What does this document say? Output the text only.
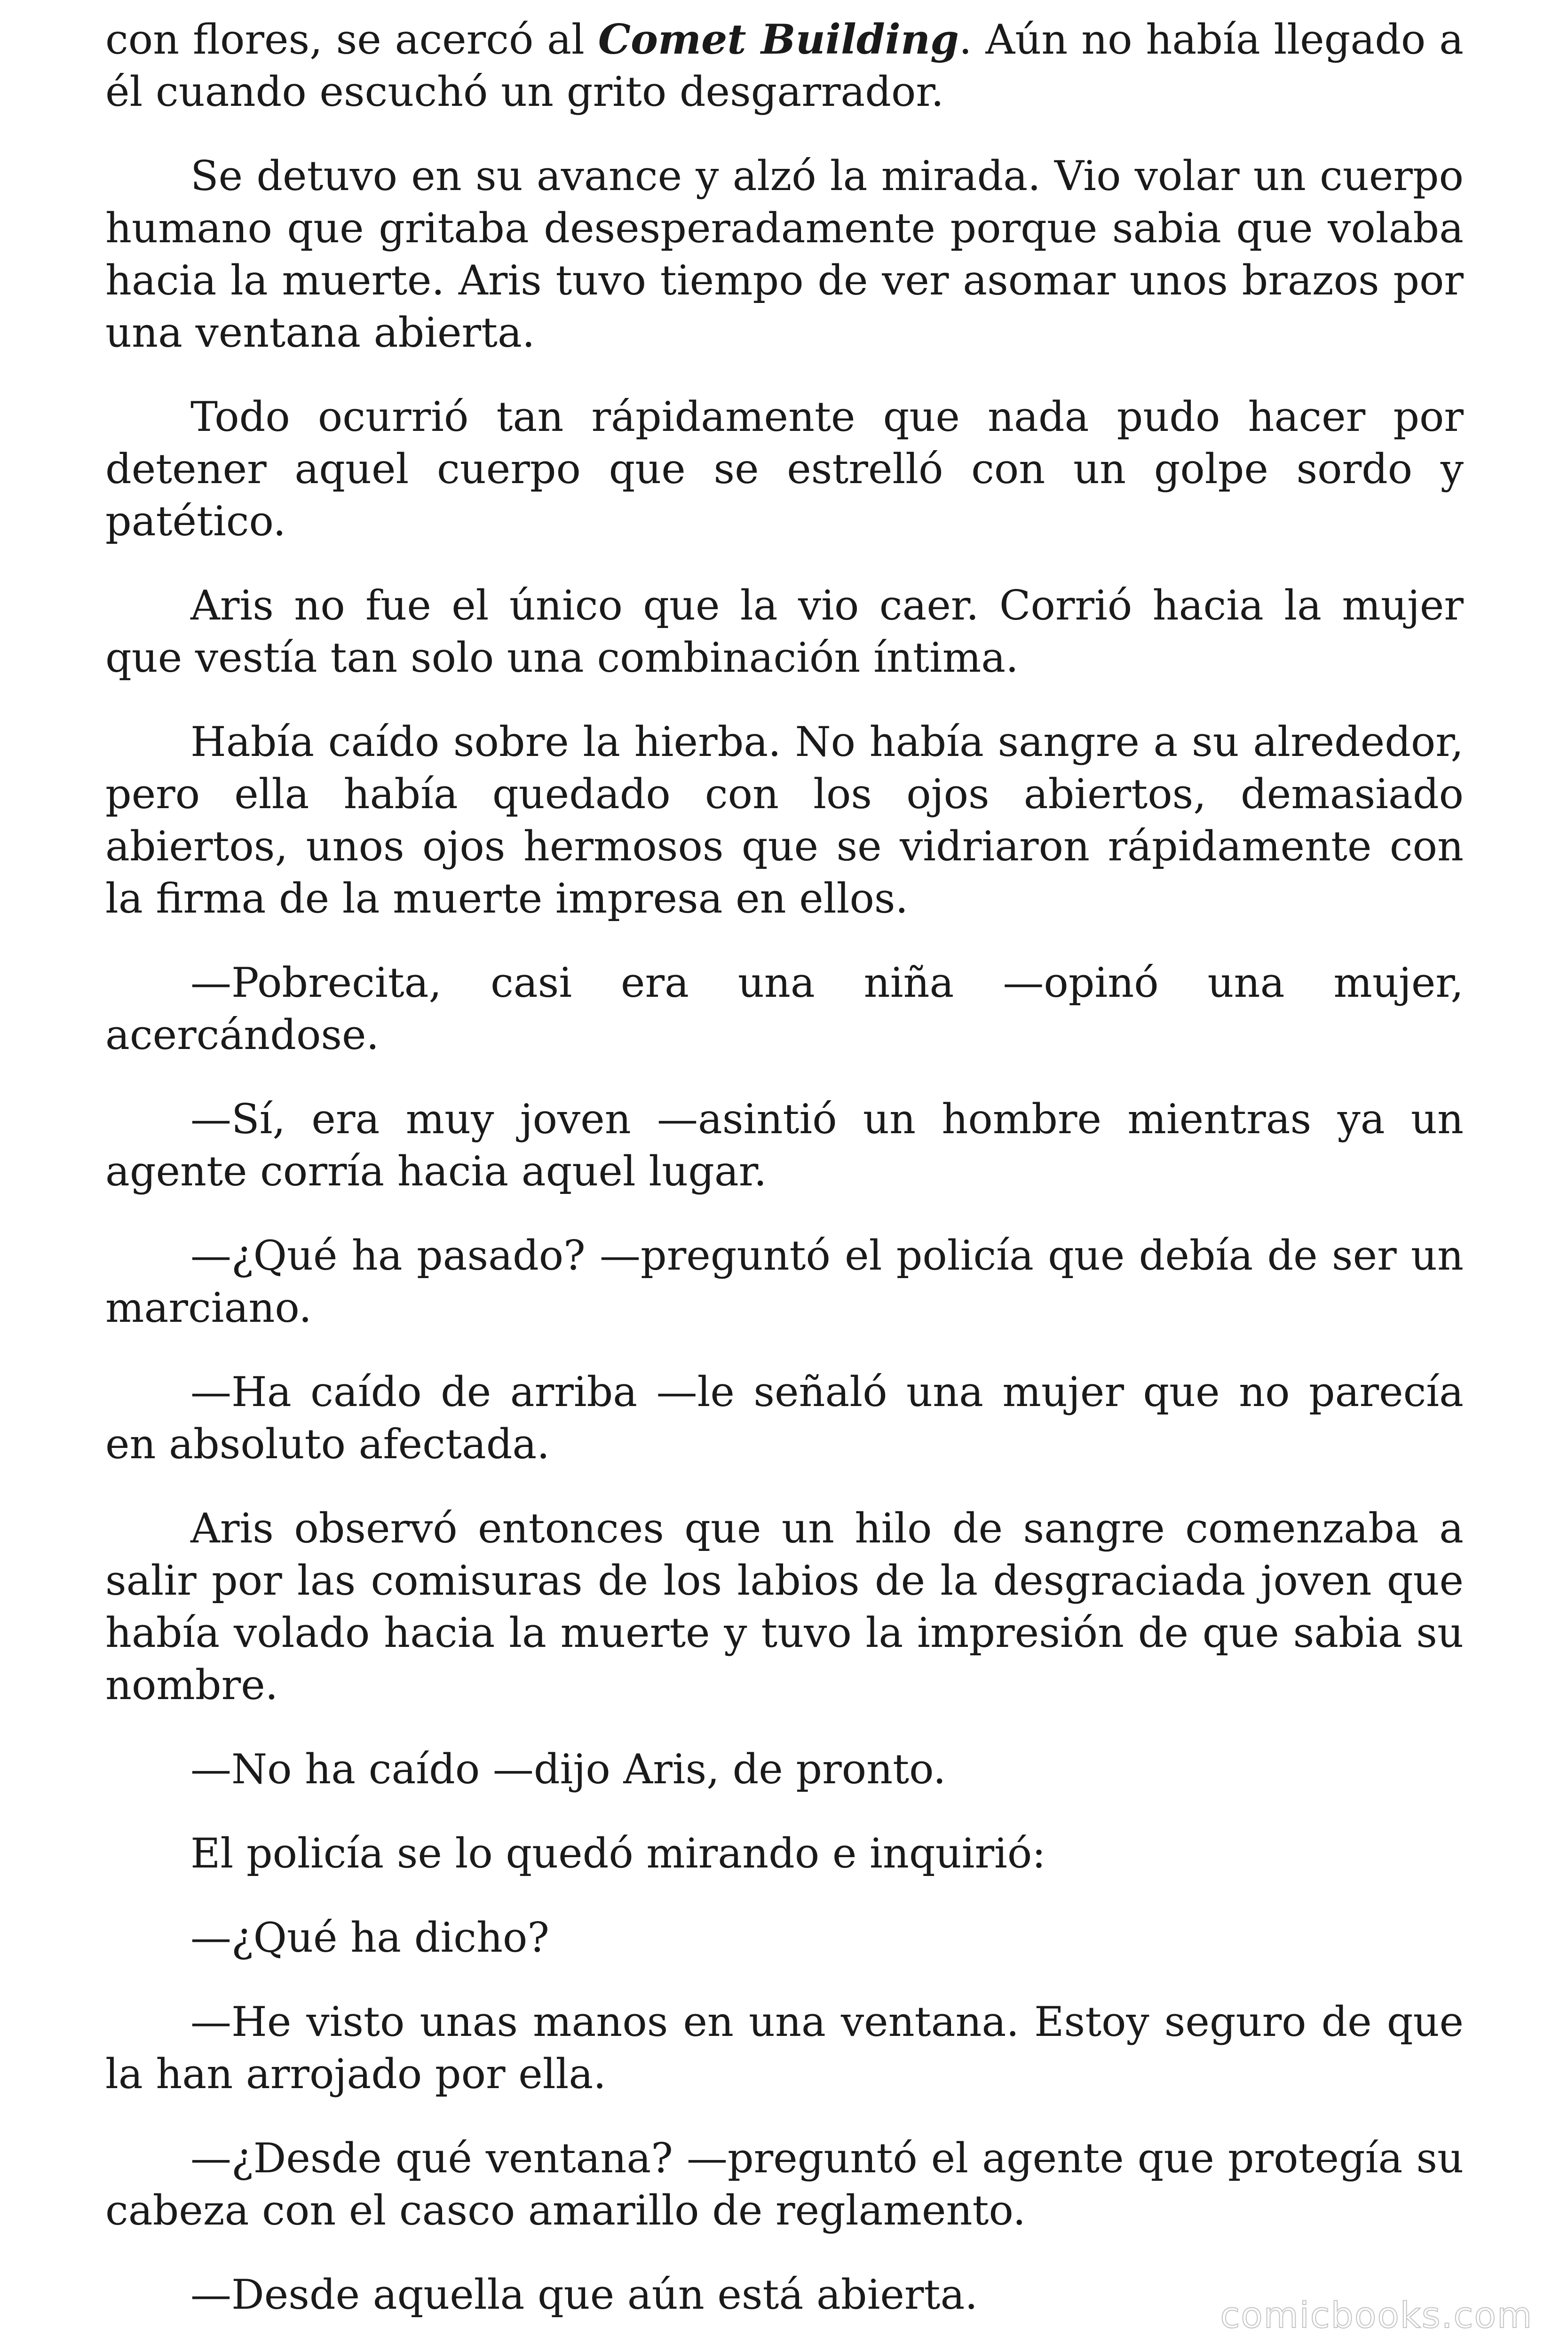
con flores, se acercó al Comet Building. Aún no había llegado a él cuando escuchó un grito desgarrador.

Se detuvo en su avance y alzó la mirada. Vio volar un cuerpo humano que gritaba desesperadamente porque sabia que volaba hacia la muerte. Aris tuvo tiempo de ver asomar unos brazos por una ventana abierta.

Todo ocurrió tan rápidamente que nada pudo hacer por detener aquel cuerpo que se estrelló con un golpe sordo y patético.

Aris no fue el único que la vio caer. Corrió hacia la mujer que vestía tan solo una combinación íntima.

Había caído sobre la hierba. No había sangre a su alrededor, pero ella había quedado con los ojos abiertos, demasiado abiertos, unos ojos hermosos que se vidriaron rápidamente con la firma de la muerte impresa en ellos.

—Pobrecita, casi era una niña —opinó una mujer, acercándose.

—Sí, era muy joven —asintió un hombre mientras ya un agente corría hacia aquel lugar.

—¿Qué ha pasado? —preguntó el policía que debía de ser un marciano.

—Ha caído de arriba —le señaló una mujer que no parecía en absoluto afectada.

Aris observó entonces que un hilo de sangre comenzaba a salir por las comisuras de los labios de la desgraciada joven que había volado hacia la muerte y tuvo la impresión de que sabia su nombre.

—No ha caído —dijo Aris, de pronto.

El policía se lo quedó mirando e inquirió:

—¿Qué ha dicho?

—He visto unas manos en una ventana. Estoy seguro de que la han arrojado por ella.

—¿Desde qué ventana? —preguntó el agente que protegía su cabeza con el casco amarillo de reglamento.

—Desde aquella que aún está abierta.	comicbooks.com
